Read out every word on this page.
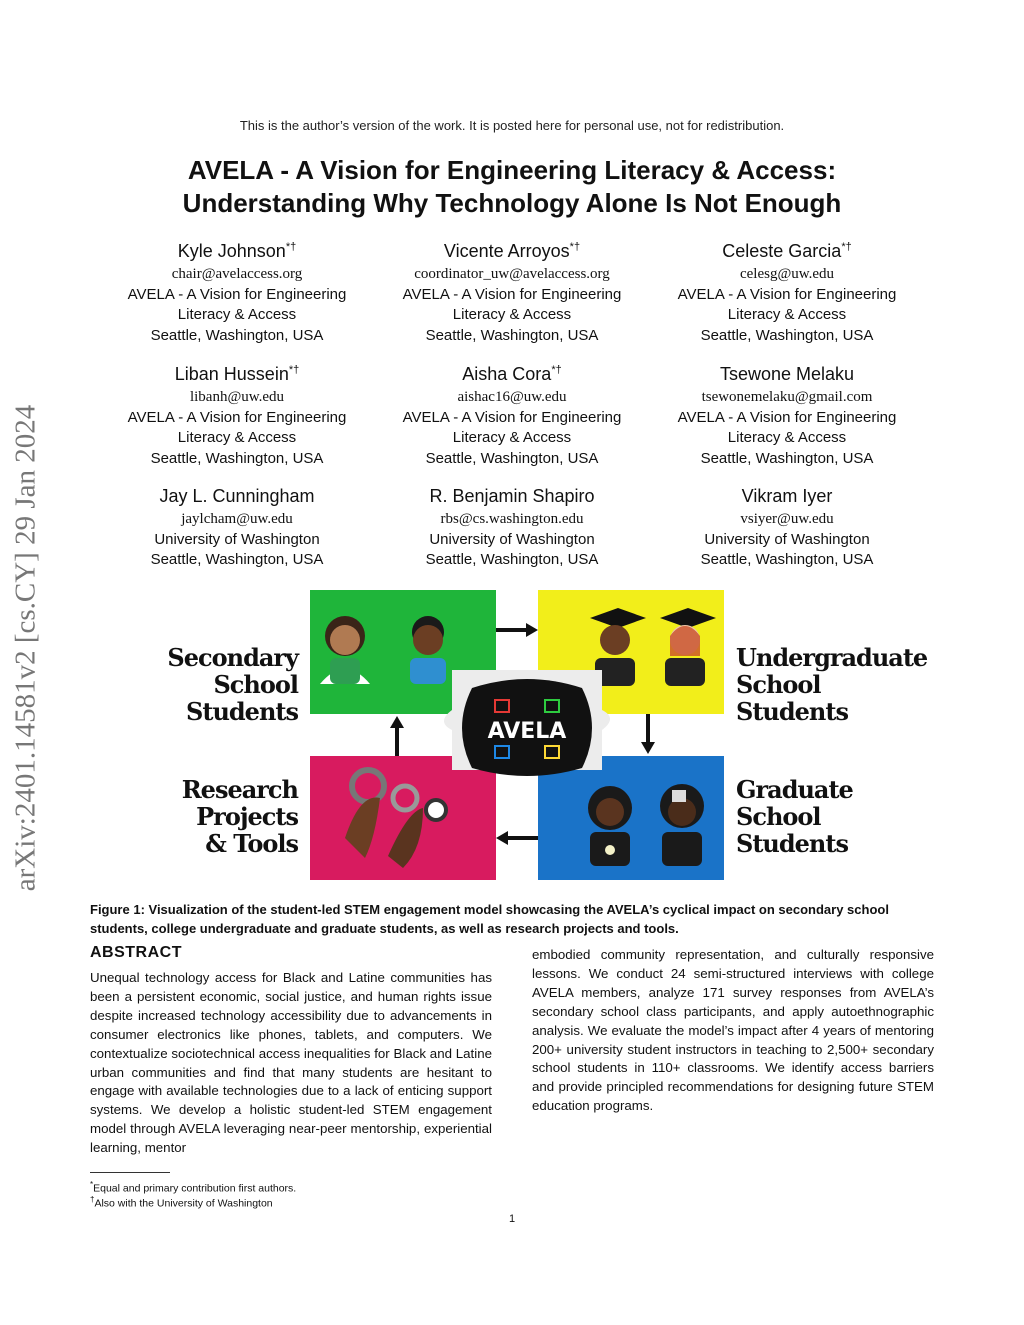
This is the author’s version of the work. It is posted here for personal use, not for redistribution.
arXiv:2401.14581v2 [cs.CY] 29 Jan 2024
AVELA - A Vision for Engineering Literacy & Access:
Understanding Why Technology Alone Is Not Enough
Kyle Johnson*†
chair@avelaccess.org
AVELA - A Vision for Engineering
Literacy & Access
Seattle, Washington, USA
Vicente Arroyos*†
coordinator_uw@avelaccess.org
AVELA - A Vision for Engineering
Literacy & Access
Seattle, Washington, USA
Celeste Garcia*†
celesg@uw.edu
AVELA - A Vision for Engineering
Literacy & Access
Seattle, Washington, USA
Liban Hussein*†
libanh@uw.edu
AVELA - A Vision for Engineering
Literacy & Access
Seattle, Washington, USA
Aisha Cora*†
aishac16@uw.edu
AVELA - A Vision for Engineering
Literacy & Access
Seattle, Washington, USA
Tsewone Melaku
tsewonemelaku@gmail.com
AVELA - A Vision for Engineering
Literacy & Access
Seattle, Washington, USA
Jay L. Cunningham
jaylcham@uw.edu
University of Washington
Seattle, Washington, USA
R. Benjamin Shapiro
rbs@cs.washington.edu
University of Washington
Seattle, Washington, USA
Vikram Iyer
vsiyer@uw.edu
University of Washington
Seattle, Washington, USA
AVELA
Secondary
School Students
Undergraduate
School Students
Research Projects
& Tools
Graduate School
Students
Figure 1: Visualization of the student-led STEM engagement model showcasing the AVELA’s cyclical impact on secondary school students, college undergraduate and graduate students, as well as research projects and tools.
ABSTRACT
Unequal technology access for Black and Latine communities has been a persistent economic, social justice, and human rights issue despite increased technology accessibility due to advancements in consumer electronics like phones, tablets, and computers. We contextualize sociotechnical access inequalities for Black and Latine urban communities and find that many students are hesitant to engage with available technologies due to a lack of enticing support systems. We develop a holistic student-led STEM engagement model through AVELA leveraging near-peer mentorship, experiential learning, mentor
embodied community representation, and culturally responsive lessons. We conduct 24 semi-structured interviews with college AVELA members, analyze 171 survey responses from AVELA’s secondary school class participants, and apply autoethnographic analysis. We evaluate the model’s impact after 4 years of mentoring 200+ university student instructors in teaching to 2,500+ secondary school students in 110+ classrooms. We identify access barriers and provide principled recommendations for designing future STEM education programs.
*Equal and primary contribution first authors.
†Also with the University of Washington
1
